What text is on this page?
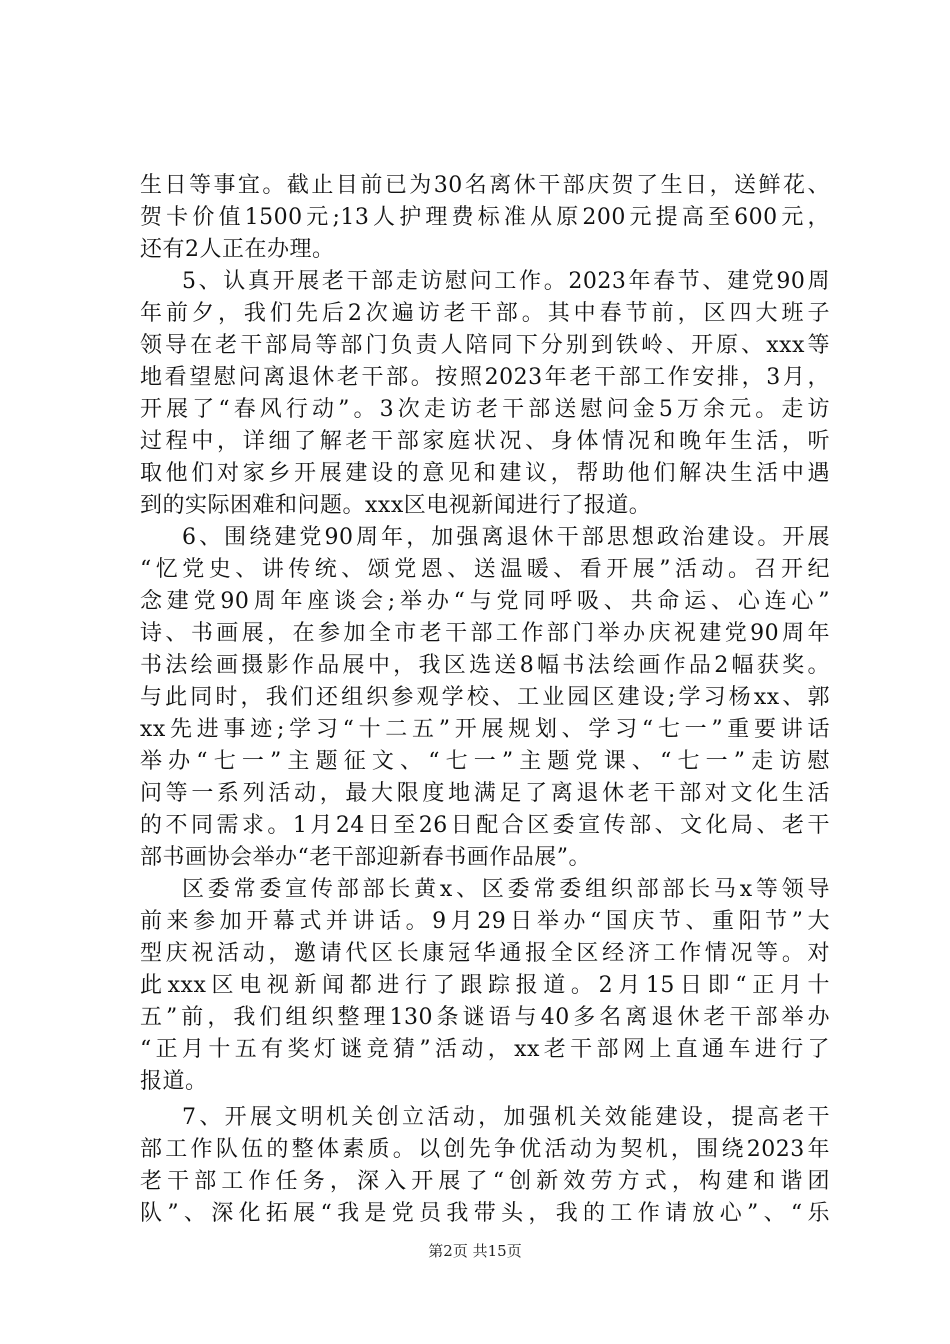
生日等事宜。截止目前已为30名离休干部庆贺了生日，送鲜花、
贺卡价值1500元;13人护理费标准从原200元提高至600元，
还有2人正在办理。
5、认真开展老干部走访慰问工作。2023年春节、建党90周
年前夕，我们先后2次遍访老干部。其中春节前，区四大班子
领导在老干部局等部门负责人陪同下分别到铁岭、开原、xxx等
地看望慰问离退休老干部。按照2023年老干部工作安排，3月，
开展了“春风行动”。3次走访老干部送慰问金5万余元。走访
过程中，详细了解老干部家庭状况、身体情况和晚年生活，听
取他们对家乡开展建设的意见和建议，帮助他们解决生活中遇
到的实际困难和问题。xxx区电视新闻进行了报道。
6、围绕建党90周年，加强离退休干部思想政治建设。开展
“忆党史、讲传统、颂党恩、送温暖、看开展”活动。召开纪
念建党90周年座谈会;举办“与党同呼吸、共命运、心连心”
诗、书画展，在参加全市老干部工作部门举办庆祝建党90周年
书法绘画摄影作品展中，我区选送8幅书法绘画作品2幅获奖。
与此同时，我们还组织参观学校、工业园区建设;学习杨xx、郭
xx先进事迹;学习“十二五”开展规划、学习“七一”重要讲话
举办“七一”主题征文、“七一”主题党课、“七一”走访慰
问等一系列活动，最大限度地满足了离退休老干部对文化生活
的不同需求。1月24日至26日配合区委宣传部、文化局、老干
部书画协会举办“老干部迎新春书画作品展”。
区委常委宣传部部长黄x、区委常委组织部部长马x等领导
前来参加开幕式并讲话。9月29日举办“国庆节、重阳节”大
型庆祝活动，邀请代区长康冠华通报全区经济工作情况等。对
此xxx区电视新闻都进行了跟踪报道。2月15日即“正月十
五”前，我们组织整理130条谜语与40多名离退休老干部举办
“正月十五有奖灯谜竞猜”活动，xx老干部网上直通车进行了
报道。
7、开展文明机关创立活动，加强机关效能建设，提高老干
部工作队伍的整体素质。以创先争优活动为契机，围绕2023年
老干部工作任务，深入开展了“创新效劳方式，构建和谐团
队”、深化拓展“我是党员我带头，我的工作请放心”、“乐
第2页 共15页
